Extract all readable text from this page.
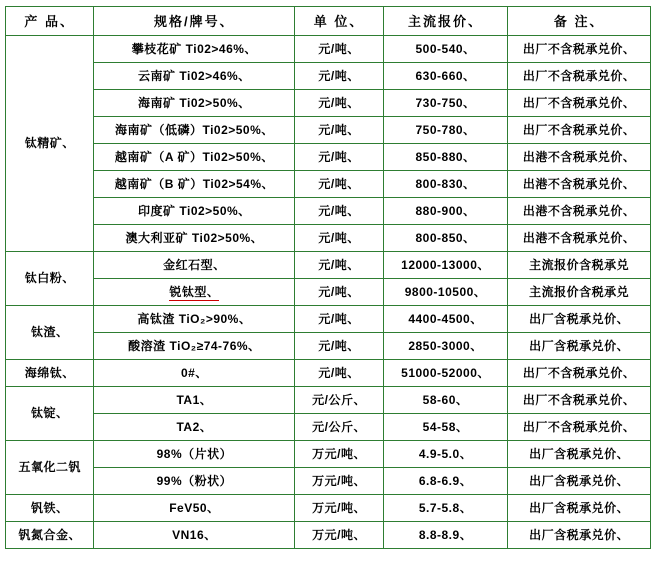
产 品、	规格/牌号、	单 位、	主流报价、	备 注、
钛精矿、	攀枝花矿 Ti02>46%、	元/吨、	500-540、	出厂不含税承兑价、
	云南矿 Ti02>46%、	元/吨、	630-660、	出厂不含税承兑价、
	海南矿 Ti02>50%、	元/吨、	730-750、	出厂不含税承兑价、
	海南矿（低磷）Ti02>50%、	元/吨、	750-780、	出厂不含税承兑价、
	越南矿（A 矿）Ti02>50%、	元/吨、	850-880、	出港不含税承兑价、
	越南矿（B 矿）Ti02>54%、	元/吨、	800-830、	出港不含税承兑价、
	印度矿 Ti02>50%、	元/吨、	880-900、	出港不含税承兑价、
	澳大利亚矿 Ti02>50%、	元/吨、	800-850、	出港不含税承兑价、
钛白粉、	金红石型、	元/吨、	12000-13000、	主流报价含税承兑
	锐钛型、	元/吨、	9800-10500、	主流报价含税承兑
钛渣、	高钛渣 TiO₂>90%、	元/吨、	4400-4500、	出厂含税承兑价、
	酸溶渣 TiO₂≥74-76%、	元/吨、	2850-3000、	出厂含税承兑价、
海绵钛、	0#、	元/吨、	51000-52000、	出厂不含税承兑价、
钛锭、	TA1、	元/公斤、	58-60、	出厂不含税承兑价、
	TA2、	元/公斤、	54-58、	出厂不含税承兑价、
五氧化二钒	98%（片状）	万元/吨、	4.9-5.0、	出厂含税承兑价、
	99%（粉状）	万元/吨、	6.8-6.9、	出厂含税承兑价、
钒铁、	FeV50、	万元/吨、	5.7-5.8、	出厂含税承兑价、
钒氮合金、	VN16、	万元/吨、	8.8-8.9、	出厂含税承兑价、
